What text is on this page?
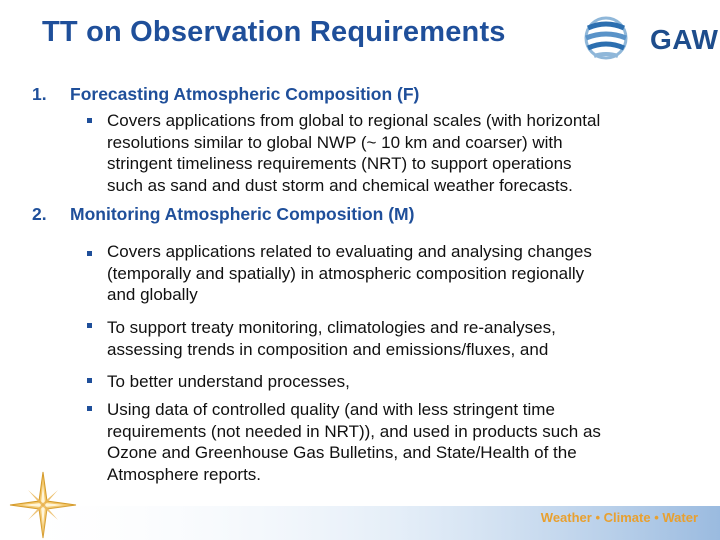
TT on Observation Requirements	GAW
1. Forecasting Atmospheric Composition (F)
Covers applications from global to regional scales (with horizontal
resolutions similar to global NWP (~ 10 km and coarser) with
stringent timeliness requirements (NRT) to support operations
such as sand and dust storm and chemical weather forecasts.
2. Monitoring Atmospheric Composition (M)
Covers applications related to evaluating and analysing changes
(temporally and spatially) in atmospheric composition regionally
and globally
To support treaty monitoring, climatologies and re-analyses,
assessing trends in composition and emissions/fluxes, and
To better understand processes,
Using data of controlled quality (and with less stringent time
requirements (not needed in NRT)), and used in products such as
Ozone and Greenhouse Gas Bulletins, and State/Health of the
Atmosphere reports.
Weather • Climate • Water
